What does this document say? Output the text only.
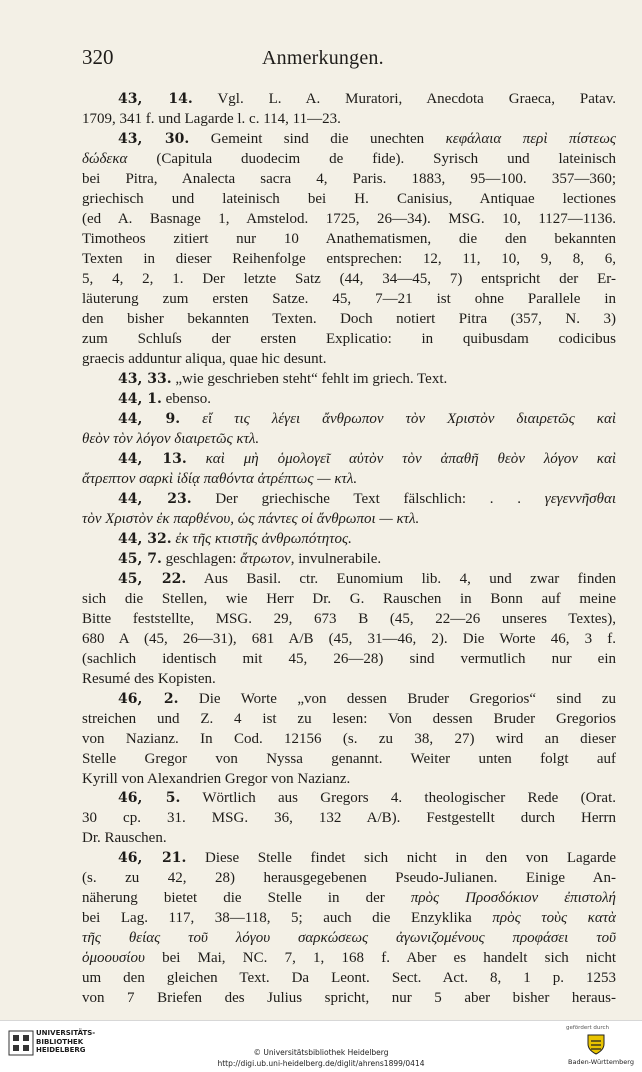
320	Anmerkungen.
43, 14. Vgl. L. A. Muratori, Anecdota Graeca, Patav.
1709, 341 f. und Lagarde l. c. 114, 11—23.
43, 30. Gemeint sind die unechten κεφάλαια περὶ πίστεως
δώδεκα (Capitula duodecim de fide). Syrisch und lateinisch
bei Pitra, Analecta sacra 4, Paris. 1883, 95—100. 357—360;
griechisch und lateinisch bei H. Canisius, Antiquae lectiones
(ed A. Basnage 1, Amstelod. 1725, 26—34). MSG. 10, 1127—1136.
Timotheos zitiert nur 10 Anathematismen, die den bekannten
Texten in dieser Reihenfolge entsprechen: 12, 11, 10, 9, 8, 6,
5, 4, 2, 1. Der letzte Satz (44, 34—45, 7) entspricht der Er-
läuterung zum ersten Satze. 45, 7—21 ist ohne Parallele in
den bisher bekannten Texten. Doch notiert Pitra (357, N. 3)
zum Schluſs der ersten Explicatio: in quibusdam codicibus
graecis adduntur aliqua, quae hic desunt.
43, 33. „wie geschrieben steht“ fehlt im griech. Text.
44, 1. ebenso.
44, 9. εἴ τις λέγει ἄνθρωπον τὸν Χριστὸν διαιρετῶς καὶ
θεὸν τὸν λόγον διαιρετῶς κτλ.
44, 13. καὶ μὴ ὁμολογεῖ αὐτὸν τὸν ἀπαθῆ θεὸν λόγον καὶ
ἄτρεπτον σαρκὶ ἰδίᾳ παθόντα ἀτρέπτως — κτλ.
44, 23. Der griechische Text fälschlich: . . γεγεννῆσθαι
τὸν Χριστὸν ἐκ παρθένου, ὡς πάντες οἱ ἄνθρωποι — κτλ.
44, 32. ἐκ τῆς κτιστῆς ἀνθρωπότητος.
45, 7. geschlagen: ἄτρωτον, invulnerabile.
45, 22. Aus Basil. ctr. Eunomium lib. 4, und zwar finden
sich die Stellen, wie Herr Dr. G. Rauschen in Bonn auf meine
Bitte feststellte, MSG. 29, 673 B (45, 22—26 unseres Textes),
680 A (45, 26—31), 681 A/B (45, 31—46, 2). Die Worte 46, 3 f.
(sachlich identisch mit 45, 26—28) sind vermutlich nur ein
Resumé des Kopisten.
46, 2. Die Worte „von dessen Bruder Gregorios“ sind zu
streichen und Z. 4 ist zu lesen: Von dessen Bruder Gregorios
von Nazianz. In Cod. 12156 (s. zu 38, 27) wird an dieser
Stelle Gregor von Nyssa genannt. Weiter unten folgt auf
Kyrill von Alexandrien Gregor von Nazianz.
46, 5. Wörtlich aus Gregors 4. theologischer Rede (Orat.
30 cp. 31. MSG. 36, 132 A/B). Festgestellt durch Herrn
Dr. Rauschen.
46, 21. Diese Stelle findet sich nicht in den von Lagarde
(s. zu 42, 28) herausgegebenen Pseudo-Julianen. Einige An-
näherung bietet die Stelle in der πρὸς Προσδόκιον ἐπιστολή
bei Lag. 117, 38—118, 5; auch die Enzyklika πρὸς τοὺς κατὰ
τῆς θείας τοῦ λόγου σαρκώσεως ἀγωνιζομένους προφάσει τοῦ
ὁμοουσίου bei Mai, NC. 7, 1, 168 f. Aber es handelt sich nicht
um den gleichen Text. Da Leont. Sect. Act. 8, 1 p. 1253
von 7 Briefen des Julius spricht, nur 5 aber bisher heraus-
UNIVERSITÄTS-
BIBLIOTHEK
HEIDELBERG	© Universitätsbibliothek Heidelberg
http://digi.ub.uni-heidelberg.de/diglit/ahrens1899/0414
gefördert durch
Baden-Württemberg
